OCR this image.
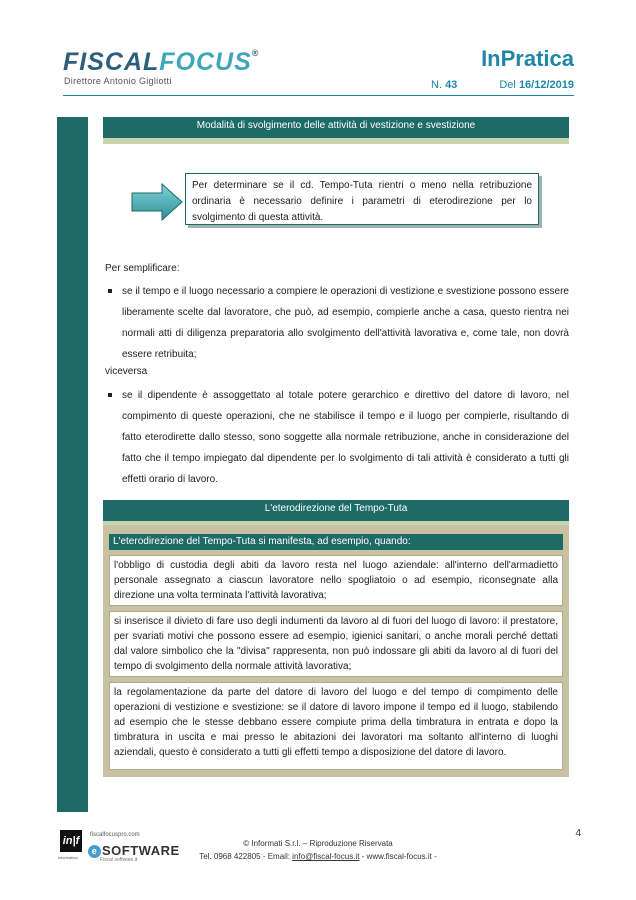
FISCALFOCUS®
Direttore Antonio Gigliotti
InPratica
N. 43	Del 16/12/2019
Modalità di svolgimento delle attività di vestizione e svestizione
Per determinare se il cd. Tempo-Tuta rientri o meno nella retribuzione ordinaria è necessario definire i parametri di eterodirezione per lo svolgimento di questa attività.
Per semplificare:
se il tempo e il luogo necessario a compiere le operazioni di vestizione e svestizione possono essere liberamente scelte dal lavoratore, che può, ad esempio, compierle anche a casa, questo rientra nei normali atti di diligenza preparatoria allo svolgimento dell'attività lavorativa e, come tale, non dovrà essere retribuita;
viceversa
se il dipendente è assoggettato al totale potere gerarchico e direttivo del datore di lavoro, nel compimento di queste operazioni, che ne stabilisce il tempo e il luogo per compierle, risultando di fatto eterodirette dallo stesso, sono soggette alla normale retribuzione, anche in considerazione del fatto che il tempo impiegato dal dipendente per lo svolgimento di tali attività è considerato a tutti gli effetti orario di lavoro.
L'eterodirezione del Tempo-Tuta
L'eterodirezione del Tempo-Tuta si manifesta, ad esempio, quando:
l'obbligo di custodia degli abiti da lavoro resta nel luogo aziendale: all'interno dell'armadietto personale assegnato a ciascun lavoratore nello spogliatoio o ad esempio, riconsegnate alla direzione una volta terminata l'attività lavorativa;
si inserisce il divieto di fare uso degli indumenti da lavoro al di fuori del luogo di lavoro: il prestatore, per svariati motivi che possono essere ad esempio, igienici sanitari, o anche morali perché dettati dal valore simbolico che la "divisa" rappresenta, non può indossare gli abiti da lavoro al di fuori del tempo di svolgimento della normale attività lavorativa;
la regolamentazione da parte del datore di lavoro del luogo e del tempo di compimento delle operazioni di vestizione e svestizione: se il datore di lavoro impone il tempo ed il luogo, stabilendo ad esempio che le stesse debbano essere compiute prima della timbratura in entrata e dopo la timbratura in uscita e mai presso le abitazioni dei lavoratori ma soltanto all'interno di luoghi aziendali, questo è considerato a tutti gli effetti tempo a disposizione del datore di lavoro.
in|f
informatica
fiscalfocuspro.com
e SOFTWARE
Fiscal software.it
© Informati S.r.l. – Riproduzione Riservata
Tel. 0968 422805 - Email: info@fiscal-focus.it - www.fiscal-focus.it -
4
